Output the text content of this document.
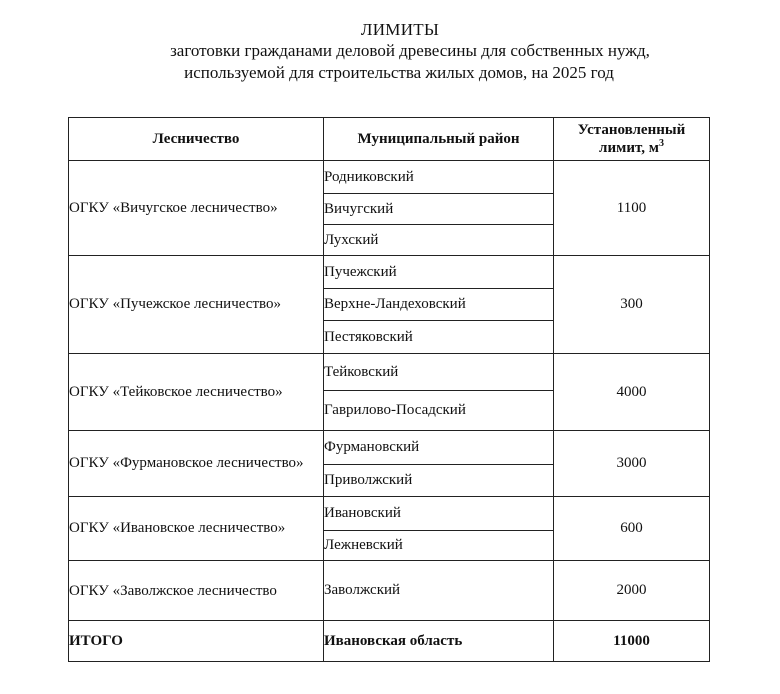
ЛИМИТЫ
заготовки гражданами деловой древесины для собственных нужд,
используемой для строительства жилых домов, на 2025 год
Лесничество	Муниципальный район	Установленный лимит, $м^3$
ОГКУ «Вичугское лесничество»	Родниковский	1100
	Вичугский	
	Лухский	
ОГКУ «Пучежское лесничество»	Пучежский	300
	Верхне-Ландеховский	
	Пестяковский	
ОГКУ «Тейковское лесничество»	Тейковский	4000
	Гаврилово-Посадский	
ОГКУ «Фурмановское лесничество»	Фурмановский	3000
	Приволжский	
ОГКУ «Ивановское лесничество»	Ивановский	600
	Лежневский	
ОГКУ «Заволжское лесничество	Заволжский	2000
ИТОГО	Ивановская область	11000
